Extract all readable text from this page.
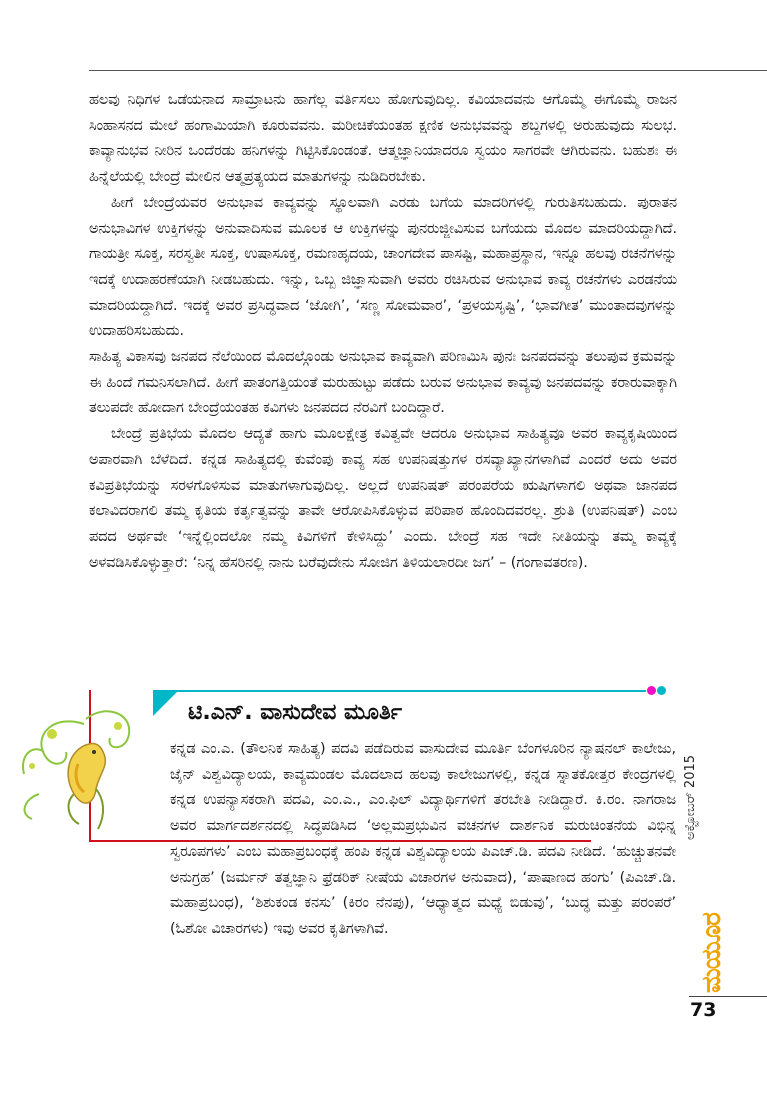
ಹಲವು ನಿಧಿಗಳ ಒಡೆಯನಾದ ಸಾಮ್ರಾಟನು ಹಾಗೆಲ್ಲ ವರ್ತಿಸಲು ಹೋಗುವುದಿಲ್ಲ. ಕವಿಯಾದವನು ಆಗೊಮ್ಮೆ ಈಗೊಮ್ಮೆ ರಾಜನ ಸಿಂಹಾಸನದ ಮೇಲೆ ಹಂಗಾಮಿಯಾಗಿ ಕೂರುವವನು. ಮರೀಚಿಕೆಯಂತಹ ಕ್ಷಣಿಕ ಅನುಭವವನ್ನು ಶಬ್ದಗಳಲ್ಲಿ ಅರುಹುವುದು ಸುಲಭ. ಕಾವ್ಯಾನುಭವ ನೀರಿನ ಒಂದೆರಡು ಹನಿಗಳನ್ನು ಗಿಟ್ಟಿಸಿಕೊಂಡಂತೆ. ಆತ್ಮಜ್ಞಾನಿಯಾದರೂ ಸ್ವಯಂ ಸಾಗರವೇ ಆಗಿರುವನು. ಬಹುಶಃ ಈ ಹಿನ್ನೆಲೆಯಲ್ಲಿ ಬೇಂದ್ರೆ ಮೇಲಿನ ಆತ್ಮಪ್ರತ್ಯಯದ ಮಾತುಗಳನ್ನು ನುಡಿದಿರಬೇಕು.

ಹೀಗೆ ಬೇಂದ್ರೆಯವರ ಅನುಭಾವ ಕಾವ್ಯವನ್ನು ಸ್ಥೂಲವಾಗಿ ಎರಡು ಬಗೆಯ ಮಾದರಿಗಳಲ್ಲಿ ಗುರುತಿಸಬಹುದು. ಪುರಾತನ ಅನುಭಾವಿಗಳ ಉಕ್ತಿಗಳನ್ನು ಅನುವಾದಿಸುವ ಮೂಲಕ ಆ ಉಕ್ತಿಗಳನ್ನು ಪುನರುಜ್ಜೀವಿಸುವ ಬಗೆಯದು ಮೊದಲ ಮಾದರಿಯದ್ದಾಗಿದೆ. ಗಾಯತ್ರೀ ಸೂಕ್ತ, ಸರಸ್ವತೀ ಸೂಕ್ತ, ಉಷಾಸೂಕ್ತ, ರಮಣಹೃದಯ, ಚಾಂಗದೇವ ಪಾಸಷ್ಟಿ, ಮಹಾಪ್ರಸ್ಥಾನ, ಇನ್ನೂ ಹಲವು ರಚನೆಗಳನ್ನು ಇದಕ್ಕೆ ಉದಾಹರಣೆಯಾಗಿ ನೀಡಬಹುದು. ಇನ್ನು, ಒಬ್ಬ ಜಿಜ್ಞಾಸುವಾಗಿ ಅವರು ರಚಿಸಿರುವ ಅನುಭಾವ ಕಾವ್ಯ ರಚನೆಗಳು ಎರಡನೆಯ ಮಾದರಿಯದ್ದಾಗಿದೆ. ಇದಕ್ಕೆ ಅವರ ಪ್ರಸಿದ್ಧವಾದ ‘ಜೋಗಿ’, ‘ಸಣ್ಣ ಸೋಮವಾರ’, ‘ಪ್ರಳಯಸೃಷ್ಟಿ’, ‘ಭಾವಗೀತ’ ಮುಂತಾದವುಗಳನ್ನು ಉದಾಹರಿಸಬಹುದು.

ಸಾಹಿತ್ಯ ವಿಕಾಸವು ಜನಪದ ನೆಲೆಯಿಂದ ಮೊದಲ್ಗೊಂಡು ಅನುಭಾವ ಕಾವ್ಯವಾಗಿ ಪರಿಣಮಿಸಿ ಪುನಃ ಜನಪದವನ್ನು ತಲುಪುವ ಕ್ರಮವನ್ನು ಈ ಹಿಂದೆ ಗಮನಿಸಲಾಗಿದೆ. ಹೀಗೆ ಪಾತಂಗತ್ತಿಯಂತೆ ಮರುಹುಟ್ಟು ಪಡೆದು ಬರುವ ಅನುಭಾವ ಕಾವ್ಯವು ಜನಪದವನ್ನು ಕರಾರುವಾಕ್ಕಾಗಿ ತಲುಪದೇ ಹೋದಾಗ ಬೇಂದ್ರೆಯಂತಹ ಕವಿಗಳು ಜನಪದದ ನೆರವಿಗೆ ಬಂದಿದ್ದಾರೆ.

ಬೇಂದ್ರೆ ಪ್ರತಿಭೆಯ ಮೊದಲ ಆದ್ಯತೆ ಹಾಗು ಮೂಲಕ್ಷೇತ್ರ ಕವಿತ್ವವೇ ಆದರೂ ಅನುಭಾವ ಸಾಹಿತ್ಯವೂ ಅವರ ಕಾವ್ಯಕೃಷಿಯಿಂದ ಅಪಾರವಾಗಿ ಬೆಳೆದಿದೆ. ಕನ್ನಡ ಸಾಹಿತ್ಯದಲ್ಲಿ ಕುವೆಂಪು ಕಾವ್ಯ ಸಹ ಉಪನಿಷತ್ತುಗಳ ರಸವ್ಯಾಖ್ಯಾನಗಳಾಗಿವೆ ಎಂದರೆ ಅದು ಅವರ ಕವಿಪ್ರತಿಭೆಯನ್ನು ಸರಳಗೊಳಿಸುವ ಮಾತುಗಳಾಗುವುದಿಲ್ಲ. ಅಲ್ಲದೆ ಉಪನಿಷತ್ ಪರಂಪರೆಯ ಋಷಿಗಳಾಗಲಿ ಅಥವಾ ಜಾನಪದ ಕಲಾವಿದರಾಗಲಿ ತಮ್ಮ ಕೃತಿಯ ಕರ್ತೃತ್ವವನ್ನು ತಾವೇ ಆರೋಪಿಸಿಕೊಳ್ಳುವ ಪರಿಪಾಠ ಹೊಂದಿದವರಲ್ಲ. ಶ್ರುತಿ (ಉಪನಿಷತ್) ಎಂಬ ಪದದ ಅರ್ಥವೇ ‘ಇನ್ನೆಲ್ಲಿಂದಲೋ ನಮ್ಮ ಕಿವಿಗಳಿಗೆ ಕೇಳಿಸಿದ್ದು’ ಎಂದು. ಬೇಂದ್ರೆ ಸಹ ಇದೇ ನೀತಿಯನ್ನು ತಮ್ಮ ಕಾವ್ಯಕ್ಕೆ ಅಳವಡಿಸಿಕೊಳ್ಳುತ್ತಾರೆ: ‘ನಿನ್ನ ಹೆಸರಿನಲ್ಲಿ ನಾನು ಬರೆವುದೇನು ಸೋಜಿಗ ತಿಳಿಯಲಾರದೀ ಜಗ’ – (ಗಂಗಾವತರಣ).

ಟಿ.ಎನ್. ವಾಸುದೇವ ಮೂರ್ತಿ

ಕನ್ನಡ ಎಂ.ಎ. (ತೌಲನಿಕ ಸಾಹಿತ್ಯ) ಪದವಿ ಪಡೆದಿರುವ ವಾಸುದೇವ ಮೂರ್ತಿ ಬೆಂಗಳೂರಿನ ನ್ಯಾಷನಲ್ ಕಾಲೇಜು, ಜೈನ್ ವಿಶ್ವವಿದ್ಯಾಲಯ, ಕಾವ್ಯಮಂಡಲ ಮೊದಲಾದ ಹಲವು ಕಾಲೇಜುಗಳಲ್ಲಿ, ಕನ್ನಡ ಸ್ನಾತಕೋತ್ತರ ಕೇಂದ್ರಗಳಲ್ಲಿ ಕನ್ನಡ ಉಪನ್ಯಾಸಕರಾಗಿ ಪದವಿ, ಎಂ.ಎ., ಎಂ.ಫಿಲ್ ವಿದ್ಯಾರ್ಥಿಗಳಿಗೆ ತರಬೇತಿ ನೀಡಿದ್ದಾರೆ. ಕಿ.ರಂ. ನಾಗರಾಜ ಅವರ ಮಾರ್ಗದರ್ಶನದಲ್ಲಿ ಸಿದ್ಧಪಡಿಸಿದ ‘ಅಲ್ಲಮಪ್ರಭುವಿನ ವಚನಗಳ ದಾರ್ಶನಿಕ ಮರುಚಿಂತನೆಯ ವಿಭಿನ್ನ ಸ್ವರೂಪಗಳು’ ಎಂಬ ಮಹಾಪ್ರಬಂಧಕ್ಕೆ ಹಂಪಿ ಕನ್ನಡ ವಿಶ್ವವಿದ್ಯಾಲಯ ಪಿಎಚ್.ಡಿ. ಪದವಿ ನೀಡಿದೆ. ‘ಹುಚ್ಚುತನವೇ ಅನುಗ್ರಹ’ (ಜರ್ಮನ್ ತತ್ವಜ್ಞಾನಿ ಫ್ರೆಡರಿಕ್ ನೀಷೆಯ ವಿಚಾರಗಳ ಅನುವಾದ), ‘ಪಾಷಾಣದ ಹಂಗು’ (ಪಿಎಚ್.ಡಿ. ಮಹಾಪ್ರಬಂಧ), ‘ಶಿಶುಕಂಡ ಕನಸು’ (ಕಿರಂ ನೆನಪು), ‘ಆಧ್ಯಾತ್ಮದ ಮಧ್ಯೆ ಬಿಡುವು’, ‘ಬುದ್ಧ ಮತ್ತು ಪರಂಪರೆ’ (ಓಶೋ ವಿಚಾರಗಳು) ಇವು ಅವರ ಕೃತಿಗಳಾಗಿವೆ.

ಅಕ್ಟೋಬರ್ 2015
ಮಯೂರ
73
